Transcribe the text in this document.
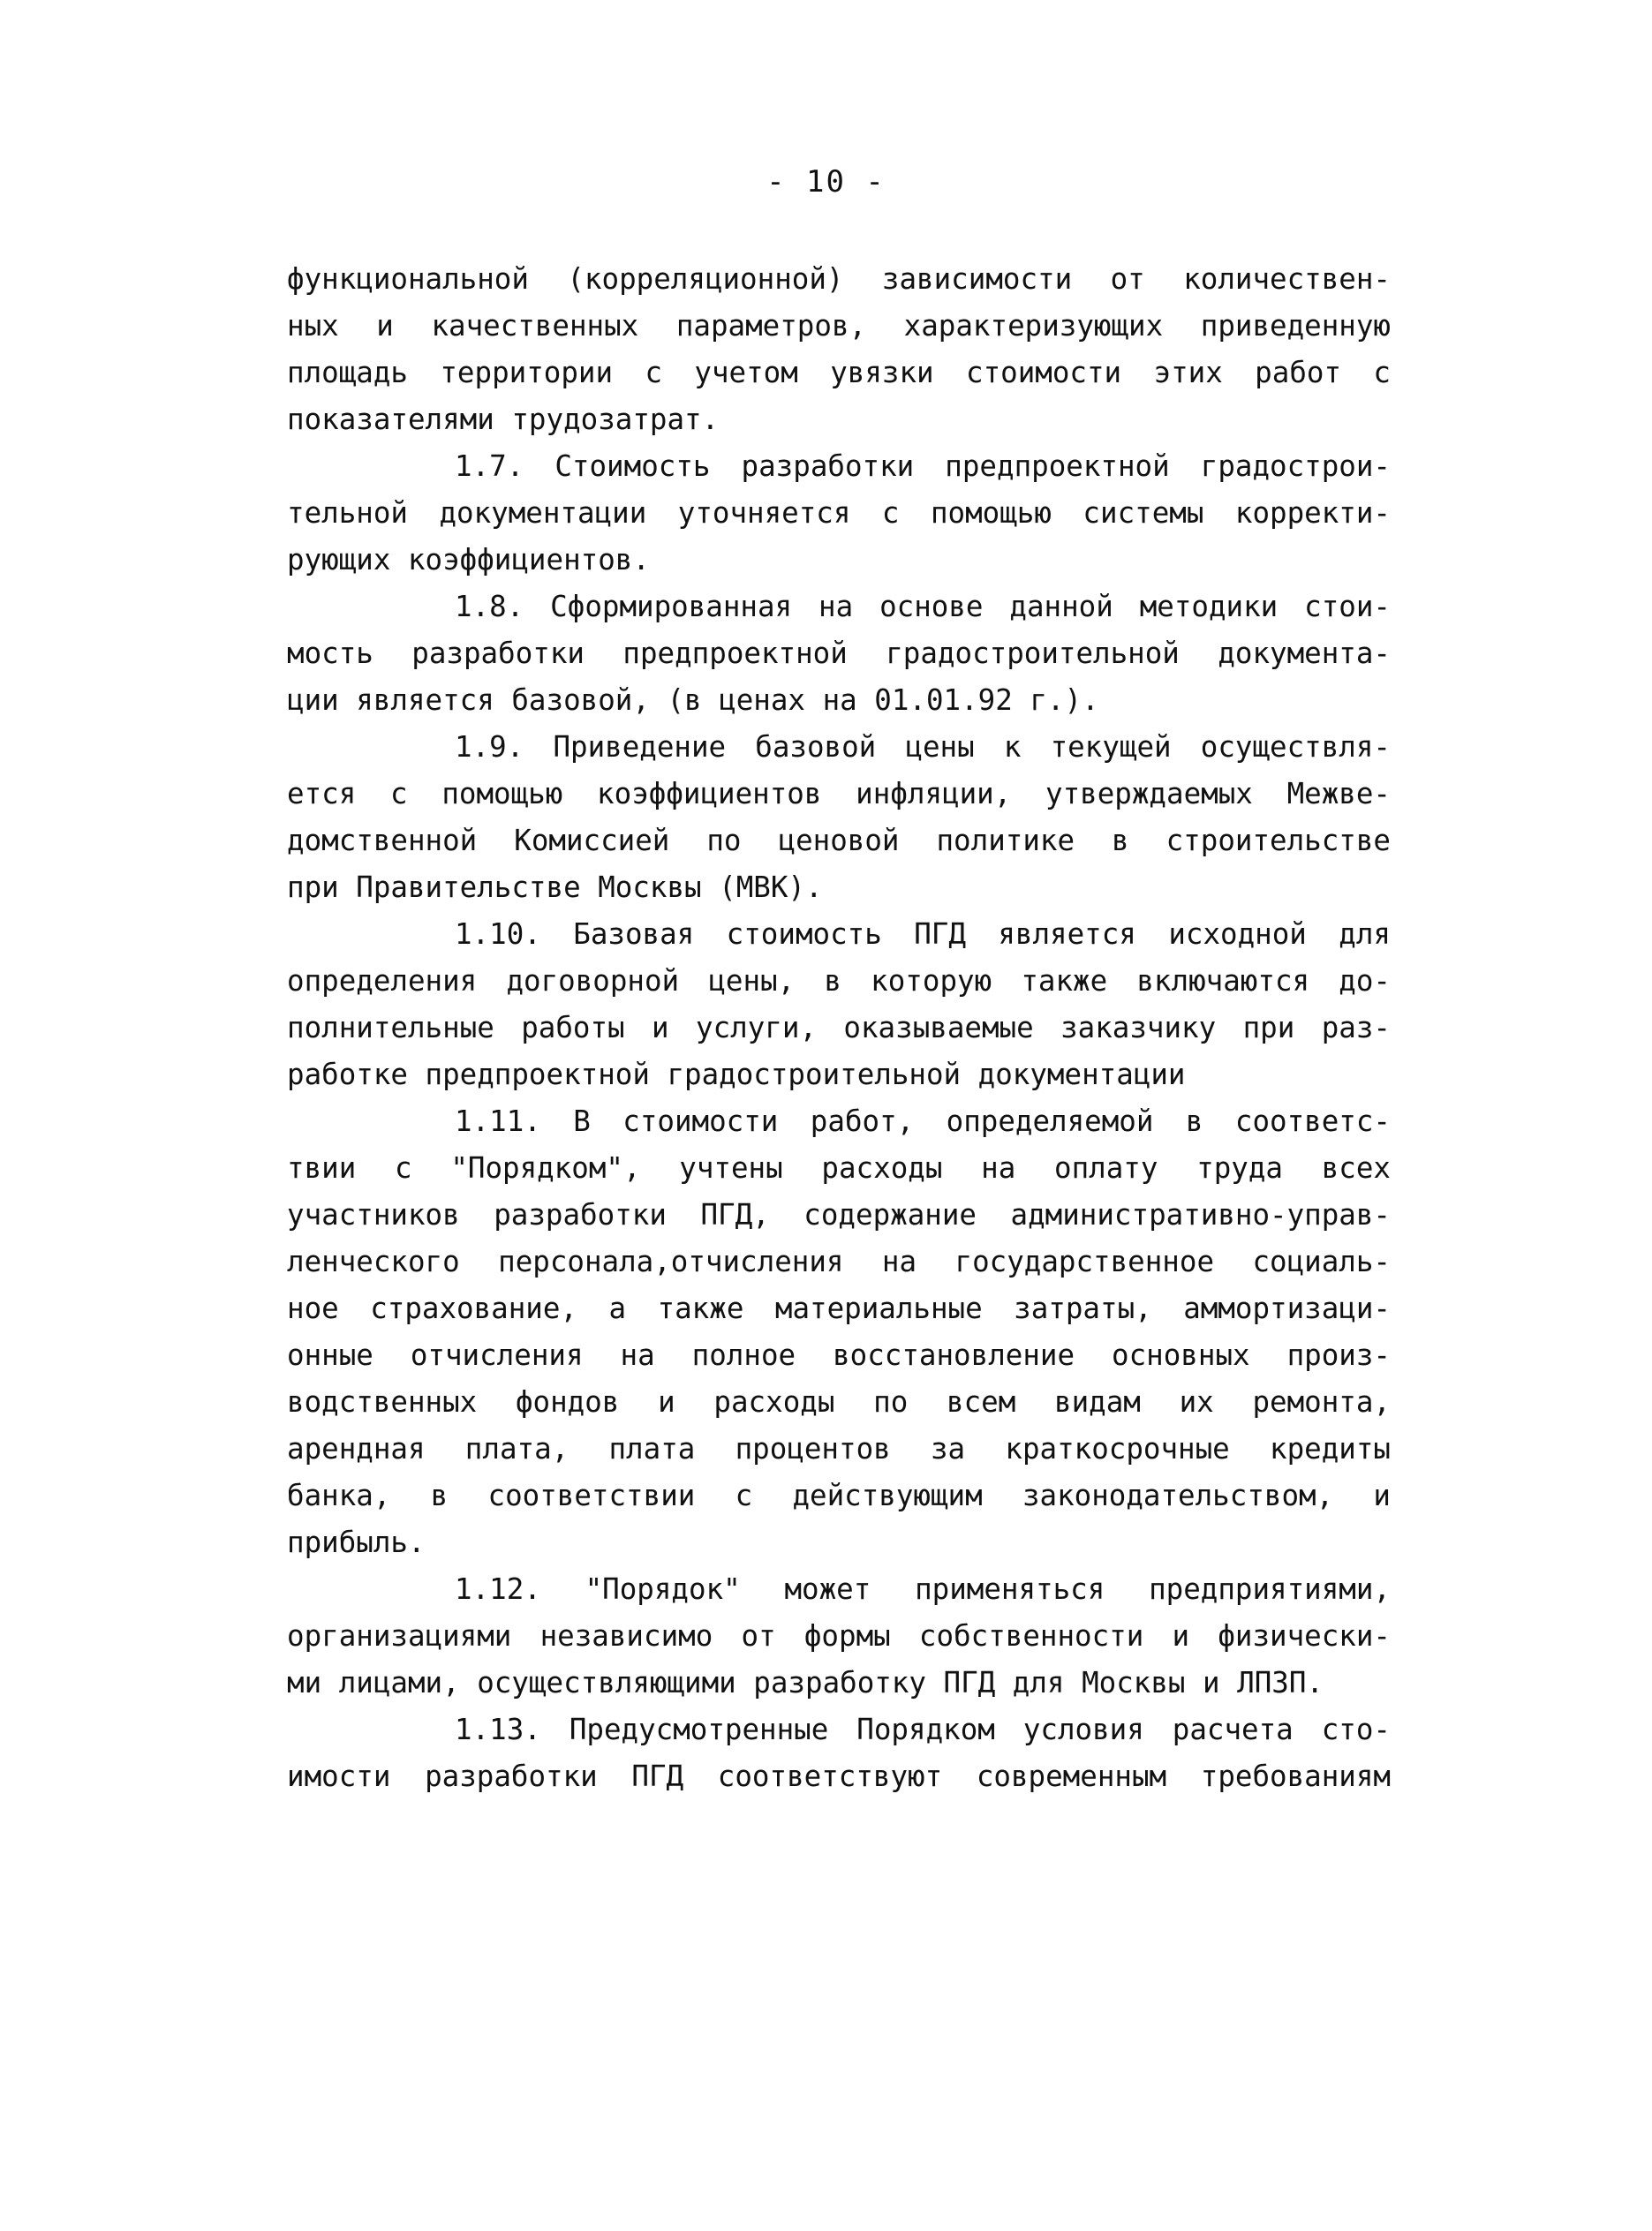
- 10 -
функциональной (корреляционной) зависимости от количествен-
ных и качественных параметров, характеризующих приведенную
площадь территории с учетом увязки стоимости этих работ с
показателями трудозатрат.
1.7. Стоимость разработки предпроектной градострои-
тельной документации уточняется с помощью системы корректи-
рующих коэффициентов.
1.8. Сформированная на основе данной методики стои-
мость разработки предпроектной градостроительной документа-
ции является базовой, (в ценах на 01.01.92 г.).
1.9. Приведение базовой цены к текущей осуществля-
ется с помощью коэффициентов инфляции, утверждаемых Межве-
домственной Комиссией по ценовой политике в строительстве
при Правительстве Москвы (МВК).
1.10. Базовая стоимость ПГД является исходной для
определения договорной цены, в которую также включаются до-
полнительные работы и услуги, оказываемые заказчику при раз-
работке предпроектной градостроительной документации
1.11. В стоимости работ, определяемой в соответс-
твии с "Порядком", учтены расходы на оплату труда всех
участников разработки ПГД, содержание административно-управ-
ленческого персонала,отчисления на государственное социаль-
ное страхование, а также материальные затраты, аммортизаци-
онные отчисления на полное восстановление основных произ-
водственных фондов и расходы по всем видам их ремонта,
арендная плата, плата процентов за краткосрочные кредиты
банка, в соответствии с действующим законодательством, и
прибыль.
1.12. "Порядок" может применяться предприятиями,
организациями независимо от формы собственности и физически-
ми лицами, осуществляющими разработку ПГД для Москвы и ЛПЗП.
1.13. Предусмотренные Порядком условия расчета сто-
имости разработки ПГД соответствуют современным требованиям
